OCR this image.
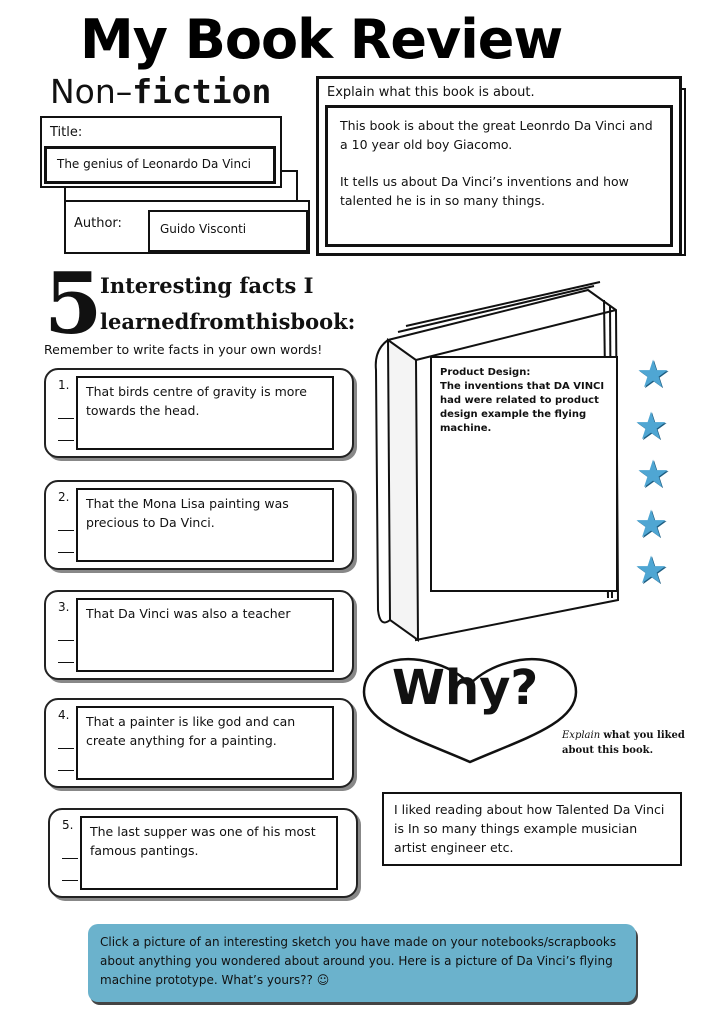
My Book Review
Non–fiction
Title:
The genius of Leonardo Da Vinci
Author:	Guido Visconti
Explain what this book is about.
This book is about the great Leonrdo Da Vinci and a 10 year old boy Giacomo.
It tells us about Da Vinci’s inventions and how talented he is in so many things.
5
Interesting facts I
learnedfromthisbook:
Remember to write facts in your own words!
1.	That birds centre of gravity is more towards the head.
2.	That the Mona Lisa painting was precious to Da Vinci.
3.	That Da Vinci was also a teacher
4.	That a painter is like god and can create anything for a painting.
5.	The last supper was one of his most famous pantings.
Product Design:
The inventions that DA VINCI had were related to product design example the flying machine.
★
★
★
★
★
Why?
Explain what you liked about this book.
I liked reading about how Talented Da Vinci is In so many things example musician artist engineer etc.
Click a picture of an interesting sketch you have made on your notebooks/scrapbooks about anything you wondered about around you. Here is a picture of Da Vinci’s flying machine prototype. What’s yours?? ☺
